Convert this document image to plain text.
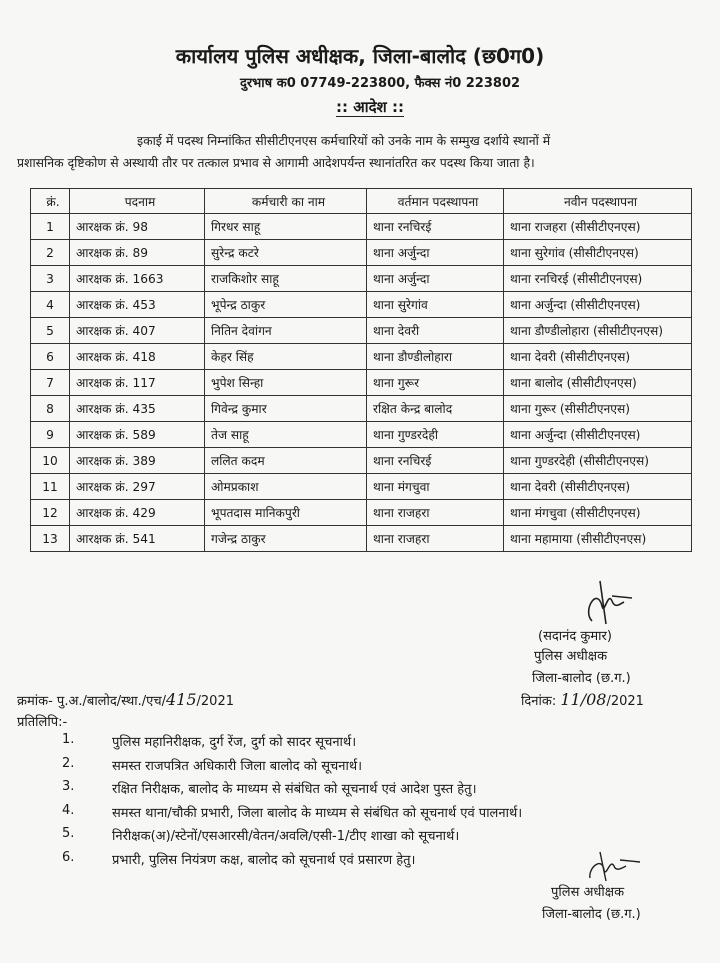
कार्यालय पुलिस अधीक्षक, जिला-बालोद (छ0ग0)
दुरभाष क0 07749-223800, फैक्स नं0 223802
:: आदेश ::
इकाई में पदस्थ निम्नांकित सीसीटीएनएस कर्मचारियों को उनके नाम के सम्मुख दर्शाये स्थानों में
प्रशासनिक दृष्टिकोण से अस्थायी तौर पर तत्काल प्रभाव से आगामी आदेशपर्यन्त स्थानांतरित कर पदस्थ किया जाता है।
क्रं.	पदनाम	कर्मचारी का नाम	वर्तमान पदस्थापना	नवीन पदस्थापना
1	आरक्षक क्रं. 98	गिरधर साहू	थाना रनचिरई	थाना राजहरा (सीसीटीएनएस)
2	आरक्षक क्रं. 89	सुरेन्द्र कटरे	थाना अर्जुन्दा	थाना सुरेगांव (सीसीटीएनएस)
3	आरक्षक क्रं. 1663	राजकिशोर साहू	थाना अर्जुन्दा	थाना रनचिरई (सीसीटीएनएस)
4	आरक्षक क्रं. 453	भूपेन्द्र ठाकुर	थाना सुरेगांव	थाना अर्जुन्दा (सीसीटीएनएस)
5	आरक्षक क्रं. 407	नितिन देवांगन	थाना देवरी	थाना डौण्डीलोहारा (सीसीटीएनएस)
6	आरक्षक क्रं. 418	केहर सिंह	थाना डौण्डीलोहारा	थाना देवरी (सीसीटीएनएस)
7	आरक्षक क्रं. 117	भुपेश सिन्हा	थाना गुरूर	थाना बालोद (सीसीटीएनएस)
8	आरक्षक क्रं. 435	गिवेन्द्र कुमार	रक्षित केन्द्र बालोद	थाना गुरूर (सीसीटीएनएस)
9	आरक्षक क्रं. 589	तेज साहू	थाना गुण्डरदेही	थाना अर्जुन्दा (सीसीटीएनएस)
10	आरक्षक क्रं. 389	ललित कदम	थाना रनचिरई	थाना गुण्डरदेही (सीसीटीएनएस)
11	आरक्षक क्रं. 297	ओमप्रकाश	थाना मंगचुवा	थाना देवरी (सीसीटीएनएस)
12	आरक्षक क्रं. 429	भूपतदास मानिकपुरी	थाना राजहरा	थाना मंगचुवा (सीसीटीएनएस)
13	आरक्षक क्रं. 541	गजेन्द्र ठाकुर	थाना राजहरा	थाना महामाया (सीसीटीएनएस)
(सदानंद कुमार)
पुलिस अधीक्षक
जिला-बालोद (छ.ग.)
क्रमांक- पु.अ./बालोद/स्था./एच/415/2021	दिनांक: 11/08/2021
प्रतिलिपि:-
1.	पुलिस महानिरीक्षक, दुर्ग रेंज, दुर्ग को सादर सूचनार्थ।
2.	समस्त राजपत्रित अधिकारी जिला बालोद को सूचनार्थ।
3.	रक्षित निरीक्षक, बालोद के माध्यम से संबंधित को सूचनार्थ एवं आदेश पुस्त हेतु।
4.	समस्त थाना/चौकी प्रभारी, जिला बालोद के माध्यम से संबंधित को सूचनार्थ एवं पालनार्थ।
5.	निरीक्षक(अ)/स्टेनों/एसआरसी/वेतन/अवलि/एसी-1/टीए शाखा को सूचनार्थ।
6.	प्रभारी, पुलिस नियंत्रण कक्ष, बालोद को सूचनार्थ एवं प्रसारण हेतु।
पुलिस अधीक्षक
जिला-बालोद (छ.ग.)
